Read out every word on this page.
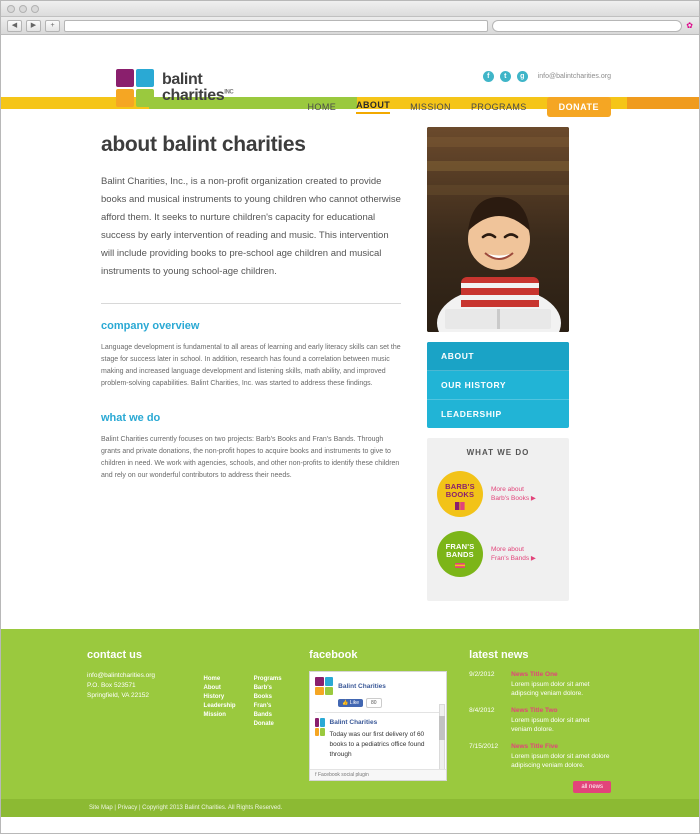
◀	▶	+	✿
balint
charities$^{INC}$
f	t	g	info@balintcharities.org
HOME ABOUT MISSION PROGRAMS	DONATE
about balint charities

Balint Charities, Inc., is a non-profit organization created to provide books and musical instruments to young children who cannot otherwise afford them. It seeks to nurture children's capacity for educational success by early intervention of reading and music. This intervention will include providing books to pre-school age children and musical instruments to young school-age children.

company overview

Language development is fundamental to all areas of learning and early literacy skills can set the stage for success later in school. In addition, research has found a correlation between music making and increased language development and listening skills, math ability, and improved problem-solving capabilities. Balint Charities, Inc. was started to address these findings.

what we do

Balint Charities currently focuses on two projects: Barb's Books and Fran's Bands. Through grants and private donations, the non-profit hopes to acquire books and instruments to give to children in need. We work with agencies, schools, and other non-profits to identify these children and rely on our wonderful contributors to address their needs.

ABOUT
OUR HISTORY
LEADERSHIP
WHAT WE DO
BARB'S
BOOKS
More about
Barb's Books ▶
FRAN'S
BANDS
More about
Fran's Bands ▶
contact us
info@balintcharities.org
P.O. Box 523571
Springfield, VA 22152
Home
About
History
Leadership
Mission
Programs
Barb's Books
Fran's Bands
Donate
facebook
Balint Charities
👍 Like	80
Balint Charities
Today was our first delivery of 60 books to a pediatrics office found through
f Facebook social plugin
latest news
9/2/2012	News Title One
Lorem ipsum dolor sit amet adipscing veniam dolore.
8/4/2012	News Title Two
Lorem ipsum dolor sit amet veniam dolore.
7/15/2012	News Title Five
Lorem ipsum dolor sit amet dolore adipiscing veniam dolore.
all news
Site Map | Privacy | Copyright 2013 Balint Charities. All Rights Reserved.
